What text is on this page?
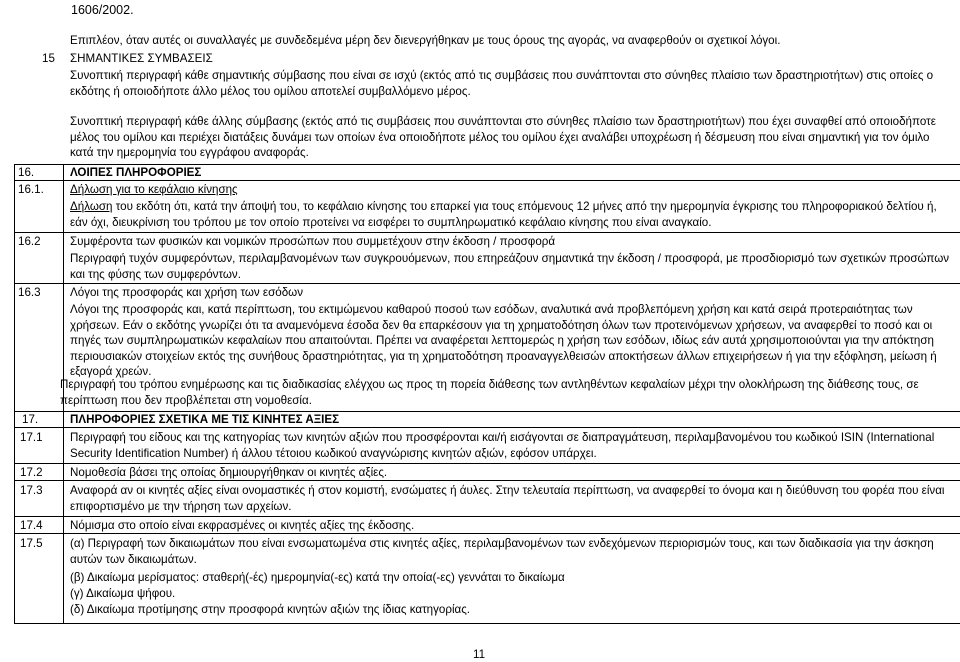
1606/2002.
Επιπλέον, όταν αυτές οι συναλλαγές με συνδεδεμένα μέρη δεν διενεργήθηκαν με τους όρους της αγοράς, να αναφερθούν οι σχετικοί λόγοι.
15 ΣΗΜΑΝΤΙΚΕΣ ΣΥΜΒΑΣΕΙΣ
Συνοπτική περιγραφή κάθε σημαντικής σύμβασης που είναι σε ισχύ (εκτός από τις συμβάσεις που συνάπτονται στο σύνηθες πλαίσιο των δραστηριοτήτων) στις οποίες ο εκδότης ή οποιοδήποτε άλλο μέλος του ομίλου αποτελεί συμβαλλόμενο μέρος.
Συνοπτική περιγραφή κάθε άλλης σύμβασης (εκτός από τις συμβάσεις που συνάπτονται στο σύνηθες πλαίσιο των δραστηριοτήτων) που έχει συναφθεί από οποιοδήποτε μέλος του ομίλου και περιέχει διατάξεις δυνάμει των οποίων ένα οποιοδήποτε μέλος του ομίλου έχει αναλάβει υποχρέωση ή δέσμευση που είναι σημαντική για τον όμιλο κατά την ημερομηνία του εγγράφου αναφοράς.
16.	ΛΟΙΠΕΣ ΠΛΗΡΟΦΟΡΙΕΣ
16.1. Δήλωση για το κεφάλαιο κίνησης
Δήλωση του εκδότη ότι, κατά την άποψή του, το κεφάλαιο κίνησης του επαρκεί για τους επόμενους 12 μήνες από την ημερομηνία έγκρισης του πληροφοριακού δελτίου ή, εάν όχι, διευκρίνιση του τρόπου με τον οποίο προτείνει να εισφέρει το συμπληρωματικό κεφάλαιο κίνησης που είναι αναγκαίο.
16.2	Συμφέροντα των φυσικών και νομικών προσώπων που συμμετέχουν στην έκδοση / προσφορά
Περιγραφή τυχόν συμφερόντων, περιλαμβανομένων των συγκρουόμενων, που επηρεάζουν σημαντικά την έκδοση / προσφορά, με προσδιορισμό των σχετικών προσώπων και της φύσης των συμφερόντων.
16.3	Λόγοι της προσφοράς και χρήση των εσόδων
Λόγοι της προσφοράς και, κατά περίπτωση, του εκτιμώμενου καθαρού ποσού των εσόδων, αναλυτικά ανά προβλεπόμενη χρήση και κατά σειρά προτεραιότητας των χρήσεων. Εάν ο εκδότης γνωρίζει ότι τα αναμενόμενα έσοδα δεν θα επαρκέσουν για τη χρηματοδότηση όλων των προτεινόμενων χρήσεων, να αναφερθεί το ποσό και οι πηγές των συμπληρωματικών κεφαλαίων που απαιτούνται. Πρέπει να αναφέρεται λεπτομερώς η χρήση των εσόδων, ιδίως εάν αυτά χρησιμοποιούνται για την απόκτηση περιουσιακών στοιχείων εκτός της συνήθους δραστηριότητας, για τη χρηματοδότηση προαναγγελθεισών αποκτήσεων άλλων επιχειρήσεων ή για την εξόφληση, μείωση ή εξαγορά χρεών.
Περιγραφή του τρόπου ενημέρωσης και τις διαδικασίας ελέγχου ως προς τη πορεία διάθεσης των αντληθέντων κεφαλαίων μέχρι την ολοκλήρωση της διάθεσης τους, σε περίπτωση που δεν προβλέπεται στη νομοθεσία.
17.	ΠΛΗΡΟΦΟΡΙΕΣ ΣΧΕΤΙΚΑ ΜΕ ΤΙΣ ΚΙΝΗΤΕΣ ΑΞΙΕΣ
17.1 Περιγραφή του είδους και της κατηγορίας των κινητών αξιών που προσφέρονται και/ή εισάγονται σε διαπραγμάτευση, περιλαμβανομένου του κωδικού ISIN (International Security Identification Number) ή άλλου τέτοιου κωδικού αναγνώρισης κινητών αξιών, εφόσον υπάρχει.
17.2 Νομοθεσία βάσει της οποίας δημιουργήθηκαν οι κινητές αξίες.
17.3 Αναφορά αν οι κινητές αξίες είναι ονομαστικές ή στον κομιστή, ενσώματες ή άυλες. Στην τελευταία περίπτωση, να αναφερθεί το όνομα και η διεύθυνση του φορέα που είναι επιφορτισμένο με την τήρηση των αρχείων.
17.4 Νόμισμα στο οποίο είναι εκφρασμένες οι κινητές αξίες της έκδοσης.
17.5 (α) Περιγραφή των δικαιωμάτων που είναι ενσωματωμένα στις κινητές αξίες, περιλαμβανομένων των ενδεχόμενων περιορισμών τους, και των διαδικασία για την άσκηση αυτών των δικαιωμάτων.
(β) Δικαίωμα μερίσματος: σταθερή(-ές) ημερομηνία(-ες) κατά την οποία(-ες) γεννάται το δικαίωμα
(γ) Δικαίωμα ψήφου.
(δ) Δικαίωμα προτίμησης στην προσφορά κινητών αξιών της ίδιας κατηγορίας.
11
